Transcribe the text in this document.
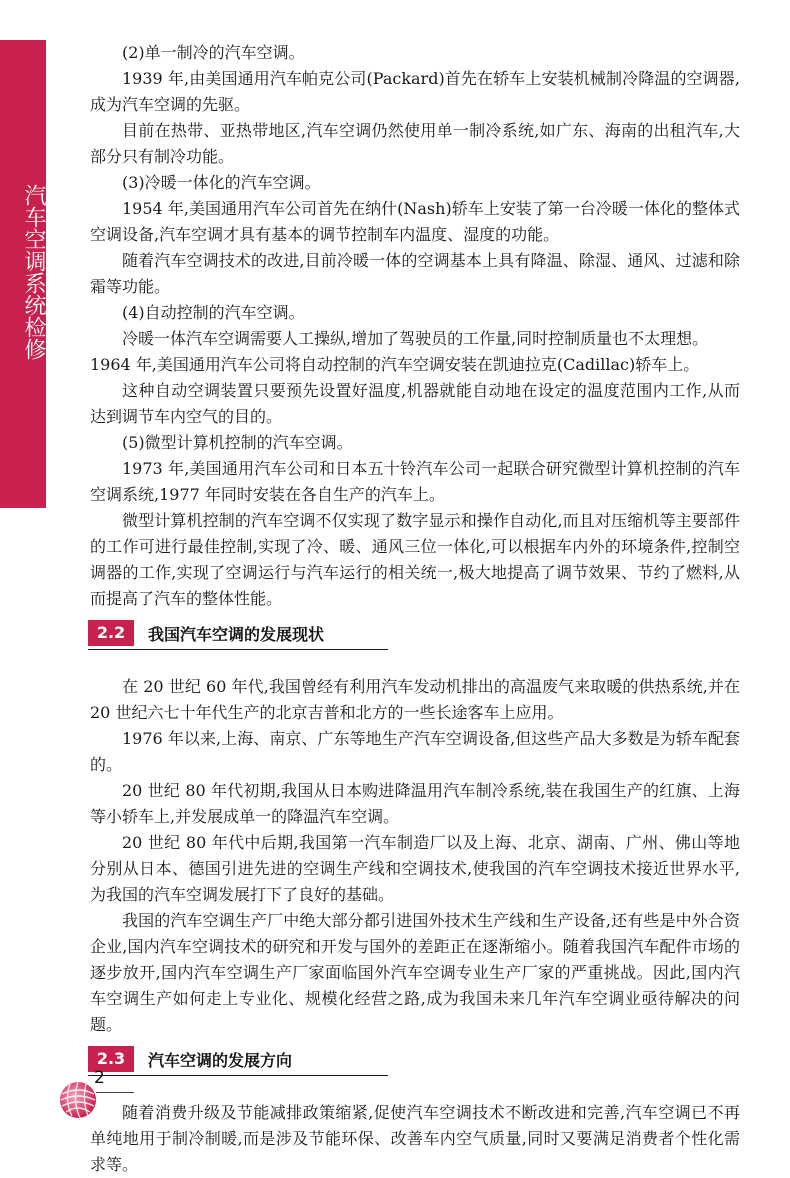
汽车空调系统检修

(2)单一制冷的汽车空调。

1939 年,由美国通用汽车帕克公司(Packard)首先在轿车上安装机械制冷降温的空调器,成为汽车空调的先驱。

目前在热带、亚热带地区,汽车空调仍然使用单一制冷系统,如广东、海南的出租汽车,大部分只有制冷功能。

(3)冷暖一体化的汽车空调。

1954 年,美国通用汽车公司首先在纳什(Nash)轿车上安装了第一台冷暖一体化的整体式空调设备,汽车空调才具有基本的调节控制车内温度、湿度的功能。

随着汽车空调技术的改进,目前冷暖一体的空调基本上具有降温、除湿、通风、过滤和除霜等功能。

(4)自动控制的汽车空调。

冷暖一体汽车空调需要人工操纵,增加了驾驶员的工作量,同时控制质量也不太理想。

1964 年,美国通用汽车公司将自动控制的汽车空调安装在凯迪拉克(Cadillac)轿车上。

这种自动空调装置只要预先设置好温度,机器就能自动地在设定的温度范围内工作,从而达到调节车内空气的目的。

(5)微型计算机控制的汽车空调。

1973 年,美国通用汽车公司和日本五十铃汽车公司一起联合研究微型计算机控制的汽车空调系统,1977 年同时安装在各自生产的汽车上。

微型计算机控制的汽车空调不仅实现了数字显示和操作自动化,而且对压缩机等主要部件的工作可进行最佳控制,实现了冷、暖、通风三位一体化,可以根据车内外的环境条件,控制空调器的工作,实现了空调运行与汽车运行的相关统一,极大地提高了调节效果、节约了燃料,从而提高了汽车的整体性能。

2.2	我国汽车空调的发展现状

在 20 世纪 60 年代,我国曾经有利用汽车发动机排出的高温废气来取暖的供热系统,并在 20 世纪六七十年代生产的北京吉普和北方的一些长途客车上应用。

1976 年以来,上海、南京、广东等地生产汽车空调设备,但这些产品大多数是为轿车配套的。

20 世纪 80 年代初期,我国从日本购进降温用汽车制冷系统,装在我国生产的红旗、上海等小轿车上,并发展成单一的降温汽车空调。

20 世纪 80 年代中后期,我国第一汽车制造厂以及上海、北京、湖南、广州、佛山等地分别从日本、德国引进先进的空调生产线和空调技术,使我国的汽车空调技术接近世界水平,为我国的汽车空调发展打下了良好的基础。

我国的汽车空调生产厂中绝大部分都引进国外技术生产线和生产设备,还有些是中外合资企业,国内汽车空调技术的研究和开发与国外的差距正在逐渐缩小。随着我国汽车配件市场的逐步放开,国内汽车空调生产厂家面临国外汽车空调专业生产厂家的严重挑战。因此,国内汽车空调生产如何走上专业化、规模化经营之路,成为我国未来几年汽车空调业亟待解决的问题。

2.3	汽车空调的发展方向

随着消费升级及节能减排政策缩紧,促使汽车空调技术不断改进和完善,汽车空调已不再单纯地用于制冷制暖,而是涉及节能环保、改善车内空气质量,同时又要满足消费者个性化需求等。

2
